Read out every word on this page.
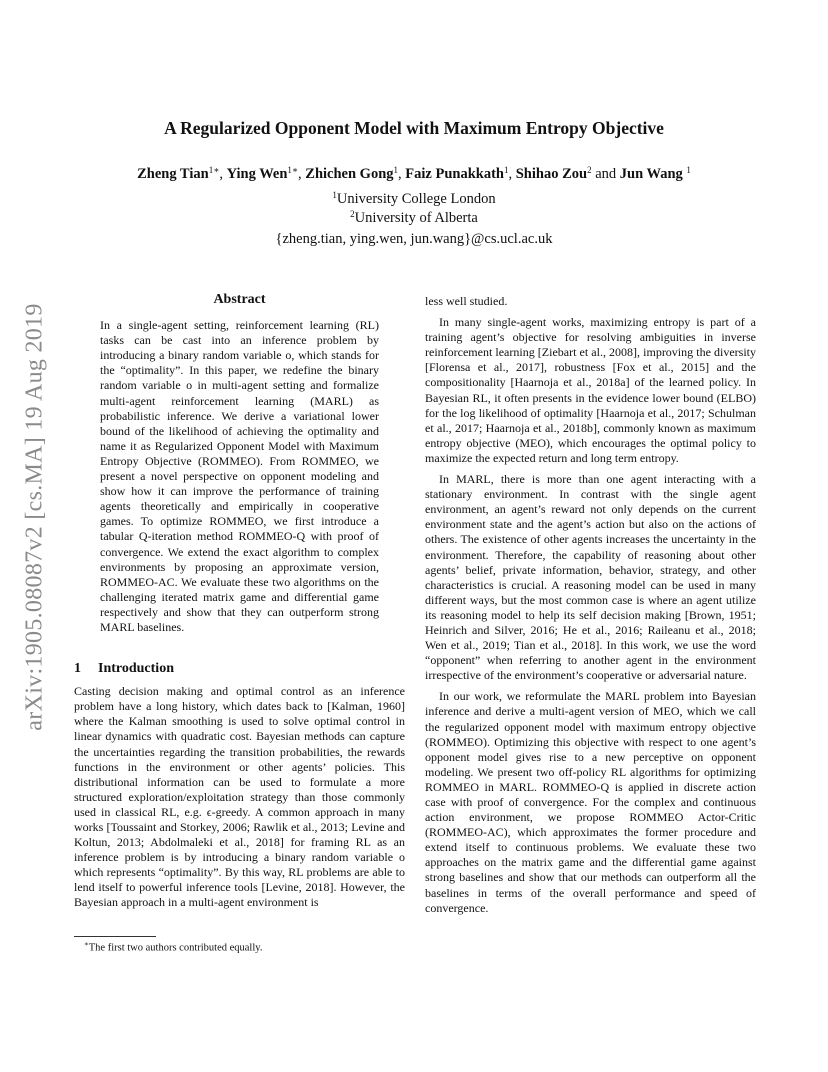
arXiv:1905.08087v2 [cs.MA] 19 Aug 2019
A Regularized Opponent Model with Maximum Entropy Objective
Zheng Tian$^{1∗}$, Ying Wen$^{1∗}$, Zhichen Gong$^1$, Faiz Punakkath$^1$, Shihao Zou$^2$ and Jun Wang $^1$
$^1$University College London
$^2$University of Alberta
{zheng.tian, ying.wen, jun.wang}@cs.ucl.ac.uk
Abstract

In a single-agent setting, reinforcement learning (RL) tasks can be cast into an inference problem by introducing a binary random variable o, which stands for the “optimality”. In this paper, we redefine the binary random variable o in multi-agent setting and formalize multi-agent reinforcement learning (MARL) as probabilistic inference. We derive a variational lower bound of the likelihood of achieving the optimality and name it as Regularized Opponent Model with Maximum Entropy Objective (ROMMEO). From ROMMEO, we present a novel perspective on opponent modeling and show how it can improve the performance of training agents theoretically and empirically in cooperative games. To optimize ROMMEO, we first introduce a tabular Q-iteration method ROMMEO-Q with proof of convergence. We extend the exact algorithm to complex environments by proposing an approximate version, ROMMEO-AC. We evaluate these two algorithms on the challenging iterated matrix game and differential game respectively and show that they can outperform strong MARL baselines.

1 Introduction

Casting decision making and optimal control as an inference problem have a long history, which dates back to [Kalman, 1960] where the Kalman smoothing is used to solve optimal control in linear dynamics with quadratic cost. Bayesian methods can capture the uncertainties regarding the transition probabilities, the rewards functions in the environment or other agents’ policies. This distributional information can be used to formulate a more structured exploration/exploitation strategy than those commonly used in classical RL, e.g. ϵ-greedy. A common approach in many works [Toussaint and Storkey, 2006; Rawlik et al., 2013; Levine and Koltun, 2013; Abdolmaleki et al., 2018] for framing RL as an inference problem is by introducing a binary random variable o which represents “optimality”. By this way, RL problems are able to lend itself to powerful inference tools [Levine, 2018]. However, the Bayesian approach in a multi-agent environment is

less well studied.

In many single-agent works, maximizing entropy is part of a training agent’s objective for resolving ambiguities in inverse reinforcement learning [Ziebart et al., 2008], improving the diversity [Florensa et al., 2017], robustness [Fox et al., 2015] and the compositionality [Haarnoja et al., 2018a] of the learned policy. In Bayesian RL, it often presents in the evidence lower bound (ELBO) for the log likelihood of optimality [Haarnoja et al., 2017; Schulman et al., 2017; Haarnoja et al., 2018b], commonly known as maximum entropy objective (MEO), which encourages the optimal policy to maximize the expected return and long term entropy.

In MARL, there is more than one agent interacting with a stationary environment. In contrast with the single agent environment, an agent’s reward not only depends on the current environment state and the agent’s action but also on the actions of others. The existence of other agents increases the uncertainty in the environment. Therefore, the capability of reasoning about other agents’ belief, private information, behavior, strategy, and other characteristics is crucial. A reasoning model can be used in many different ways, but the most common case is where an agent utilize its reasoning model to help its self decision making [Brown, 1951; Heinrich and Silver, 2016; He et al., 2016; Raileanu et al., 2018; Wen et al., 2019; Tian et al., 2018]. In this work, we use the word “opponent” when referring to another agent in the environment irrespective of the environment’s cooperative or adversarial nature.

In our work, we reformulate the MARL problem into Bayesian inference and derive a multi-agent version of MEO, which we call the regularized opponent model with maximum entropy objective (ROMMEO). Optimizing this objective with respect to one agent’s opponent model gives rise to a new perceptive on opponent modeling. We present two off-policy RL algorithms for optimizing ROMMEO in MARL. ROMMEO-Q is applied in discrete action case with proof of convergence. For the complex and continuous action environment, we propose ROMMEO Actor-Critic (ROMMEO-AC), which approximates the former procedure and extend itself to continuous problems. We evaluate these two approaches on the matrix game and the differential game against strong baselines and show that our methods can outperform all the baselines in terms of the overall performance and speed of convergence.

∗The first two authors contributed equally.
